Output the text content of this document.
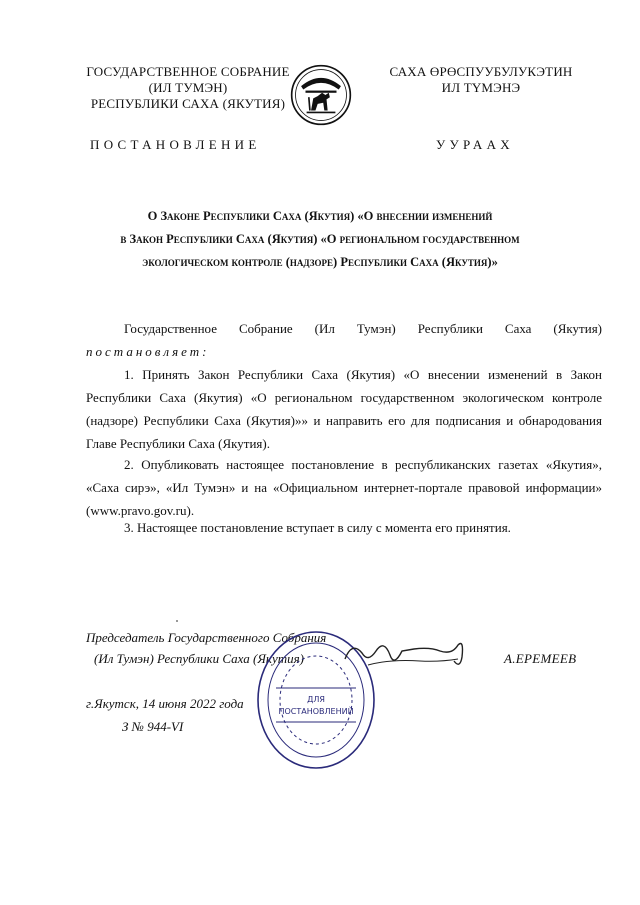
ГОСУДАРСТВЕННОЕ СОБРАНИЕ
(ИЛ ТУМЭН)
РЕСПУБЛИКИ САХА (ЯКУТИЯ)
САХА ӨРӨСПУУБУЛУКЭТИН
ИЛ ТҮМЭНЭ
ПОСТАНОВЛЕНИЕ	УУРААХ
О Законе Республики Саха (Якутия) «О внесении изменений
в Закон Республики Саха (Якутия) «О региональном государственном
экологическом контроле (надзоре) Республики Саха (Якутия)»
Государственное Собрание (Ил Тумэн) Республики Саха (Якутия)
постановляет:
1. Принять Закон Республики Саха (Якутия) «О внесении изменений в Закон Республики Саха (Якутия) «О региональном государственном экологическом контроле (надзоре) Республики Саха (Якутия)»» и направить его для подписания и обнародования Главе Республики Саха (Якутия).
2. Опубликовать настоящее постановление в республиканских газетах «Якутия», «Саха сирэ», «Ил Тумэн» и на «Официальном интернет-портале правовой информации» (www.pravo.gov.ru).
3. Настоящее постановление вступает в силу с момента его принятия.
Председатель Государственного Собрания
(Ил Тумэн) Республики Саха (Якутия)	А.ЕРЕМЕЕВ
г.Якутск, 14 июня 2022 года
З № 944-VI
ДЛЯ
ПОСТАНОВЛЕНИЙ
